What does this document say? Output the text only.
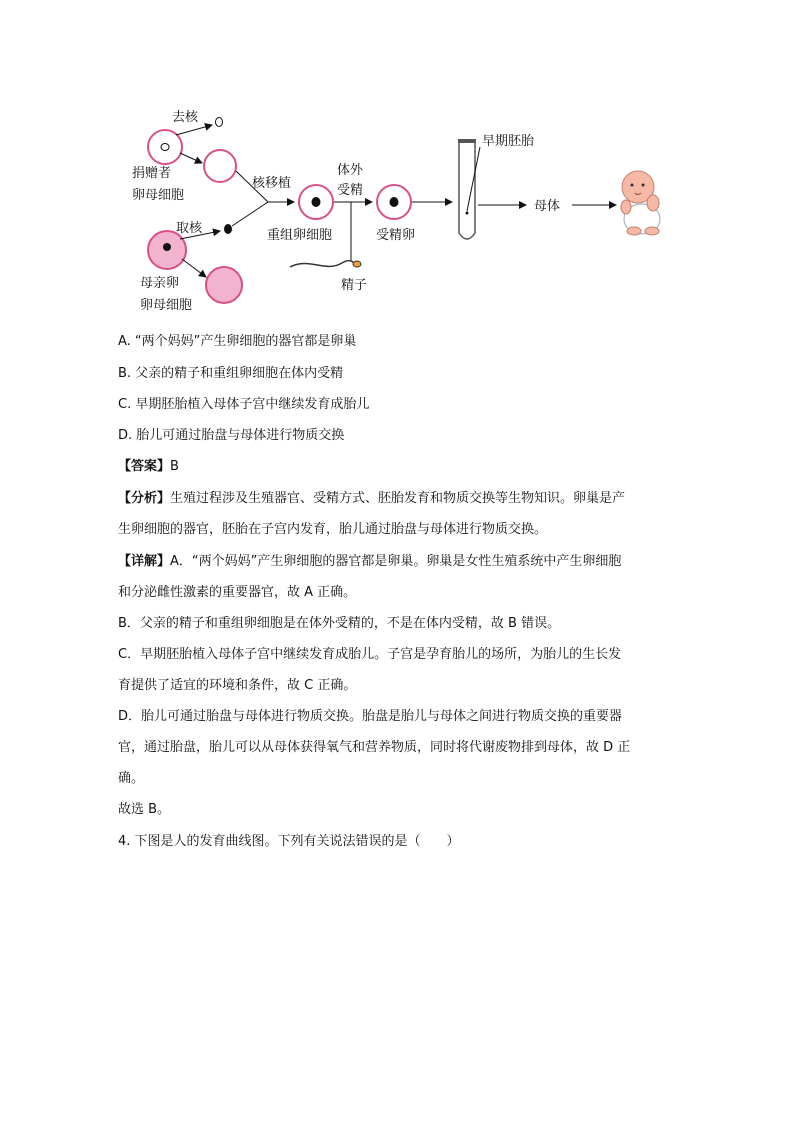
去核
捐赠者
卵母细胞
取核
母亲卵
卵母细胞
核移植
重组卵细胞
体外
受精
精子
受精卵
早期胚胎
母体
A. “两个妈妈”产生卵细胞的器官都是卵巢
B. 父亲的精子和重组卵细胞在体内受精
C. 早期胚胎植入母体子宫中继续发育成胎儿
D. 胎儿可通过胎盘与母体进行物质交换
【答案】B
【分析】生殖过程涉及生殖器官、受精方式、胚胎发育和物质交换等生物知识。卵巢是产
生卵细胞的器官，胚胎在子宫内发育，胎儿通过胎盘与母体进行物质交换。
【详解】A．“两个妈妈”产生卵细胞的器官都是卵巢。卵巢是女性生殖系统中产生卵细胞
和分泌雌性激素的重要器官，故 A 正确。
B．父亲的精子和重组卵细胞是在体外受精的，不是在体内受精，故 B 错误。
C．早期胚胎植入母体子宫中继续发育成胎儿。子宫是孕育胎儿的场所，为胎儿的生长发
育提供了适宜的环境和条件，故 C 正确。
D．胎儿可通过胎盘与母体进行物质交换。胎盘是胎儿与母体之间进行物质交换的重要器
官，通过胎盘，胎儿可以从母体获得氧气和营养物质，同时将代谢废物排到母体，故 D 正
确。
故选 B。
4. 下图是人的发育曲线图。下列有关说法错误的是（　　）
